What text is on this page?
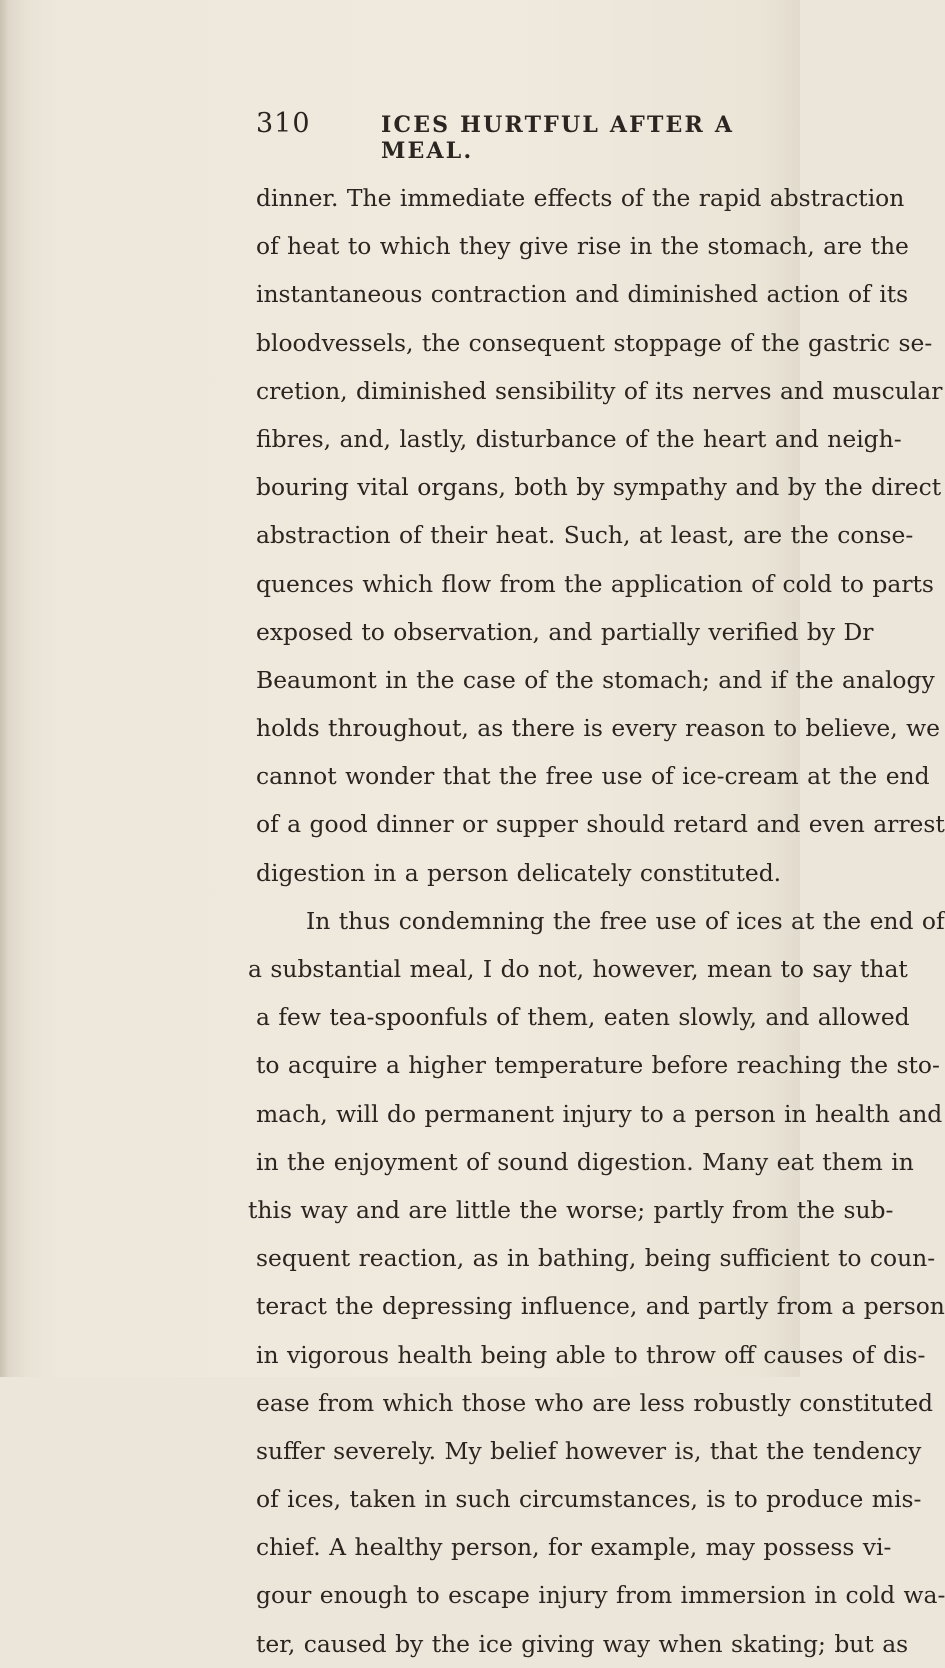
310	ICES HURTFUL AFTER A MEAL.
dinner. The immediate effects of the rapid abstraction
of heat to which they give rise in the stomach, are the
instantaneous contraction and diminished action of its
bloodvessels, the consequent stoppage of the gastric se-
cretion, diminished sensibility of its nerves and muscular
fibres, and, lastly, disturbance of the heart and neigh-
bouring vital organs, both by sympathy and by the direct
abstraction of their heat. Such, at least, are the conse-
quences which flow from the application of cold to parts
exposed to observation, and partially verified by Dr
Beaumont in the case of the stomach; and if the analogy
holds throughout, as there is every reason to believe, we
cannot wonder that the free use of ice-cream at the end
of a good dinner or supper should retard and even arrest
digestion in a person delicately constituted.
In thus condemning the free use of ices at the end of
a substantial meal, I do not, however, mean to say that
a few tea-spoonfuls of them, eaten slowly, and allowed
to acquire a higher temperature before reaching the sto-
mach, will do permanent injury to a person in health and
in the enjoyment of sound digestion. Many eat them in
this way and are little the worse; partly from the sub-
sequent reaction, as in bathing, being sufficient to coun-
teract the depressing influence, and partly from a person
in vigorous health being able to throw off causes of dis-
ease from which those who are less robustly constituted
suffer severely. My belief however is, that the tendency
of ices, taken in such circumstances, is to produce mis-
chief. A healthy person, for example, may possess vi-
gour enough to escape injury from immersion in cold wa-
ter, caused by the ice giving way when skating; but as
